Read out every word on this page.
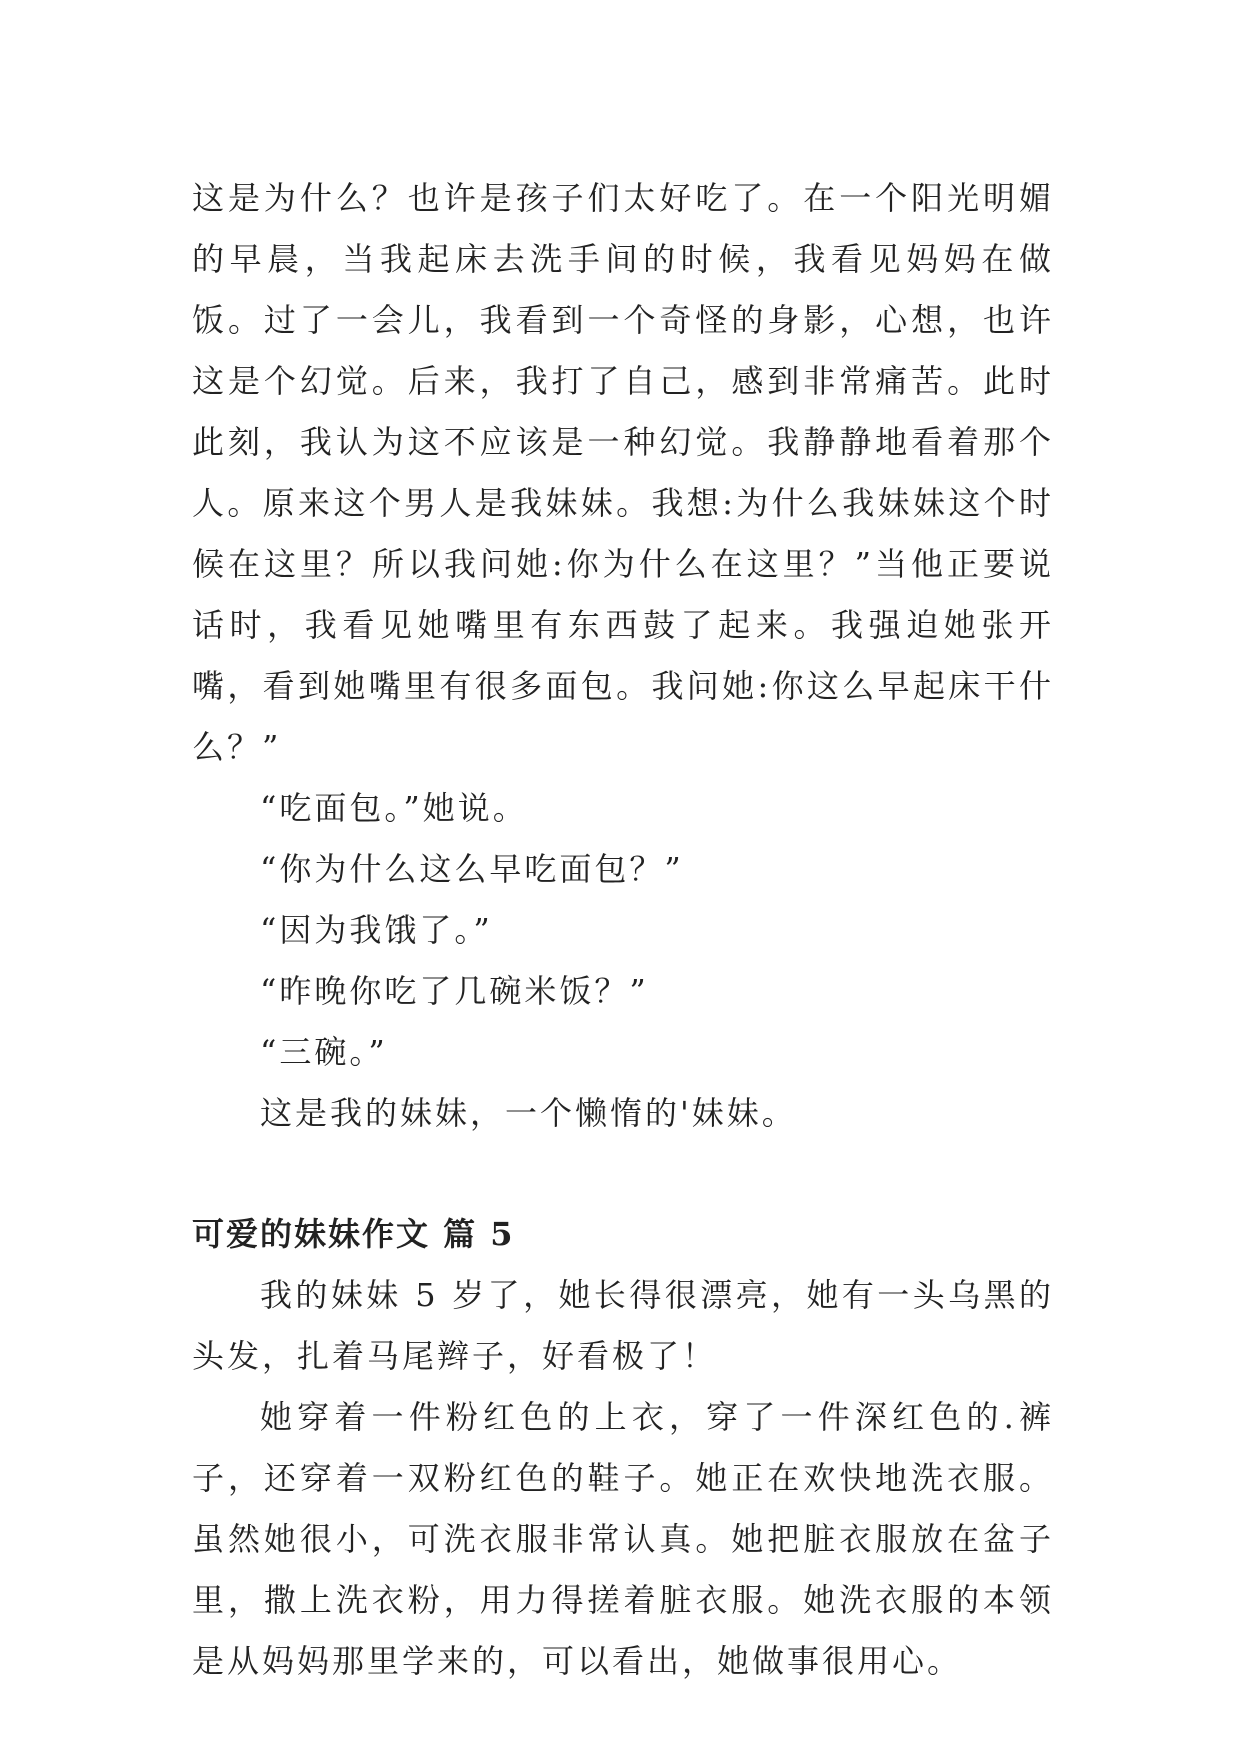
这是为什么？也许是孩子们太好吃了。在一个阳光明媚的早晨，当我起床去洗手间的时候，我看见妈妈在做饭。过了一会儿，我看到一个奇怪的身影，心想，也许这是个幻觉。后来，我打了自己，感到非常痛苦。此时此刻，我认为这不应该是一种幻觉。我静静地看着那个人。原来这个男人是我妹妹。我想:为什么我妹妹这个时候在这里？所以我问她:你为什么在这里？”当他正要说话时，我看见她嘴里有东西鼓了起来。我强迫她张开嘴，看到她嘴里有很多面包。我问她:你这么早起床干什么？”

“吃面包。”她说。

“你为什么这么早吃面包？”

“因为我饿了。”

“昨晚你吃了几碗米饭？”

“三碗。”

这是我的妹妹，一个懒惰的'妹妹。

可爱的妹妹作文 篇 5

我的妹妹 5 岁了，她长得很漂亮，她有一头乌黑的头发，扎着马尾辫子，好看极了！

她穿着一件粉红色的上衣，穿了一件深红色的.裤子，还穿着一双粉红色的鞋子。她正在欢快地洗衣服。虽然她很小，可洗衣服非常认真。她把脏衣服放在盆子里，撒上洗衣粉，用力得搓着脏衣服。她洗衣服的本领是从妈妈那里学来的，可以看出，她做事很用心。
